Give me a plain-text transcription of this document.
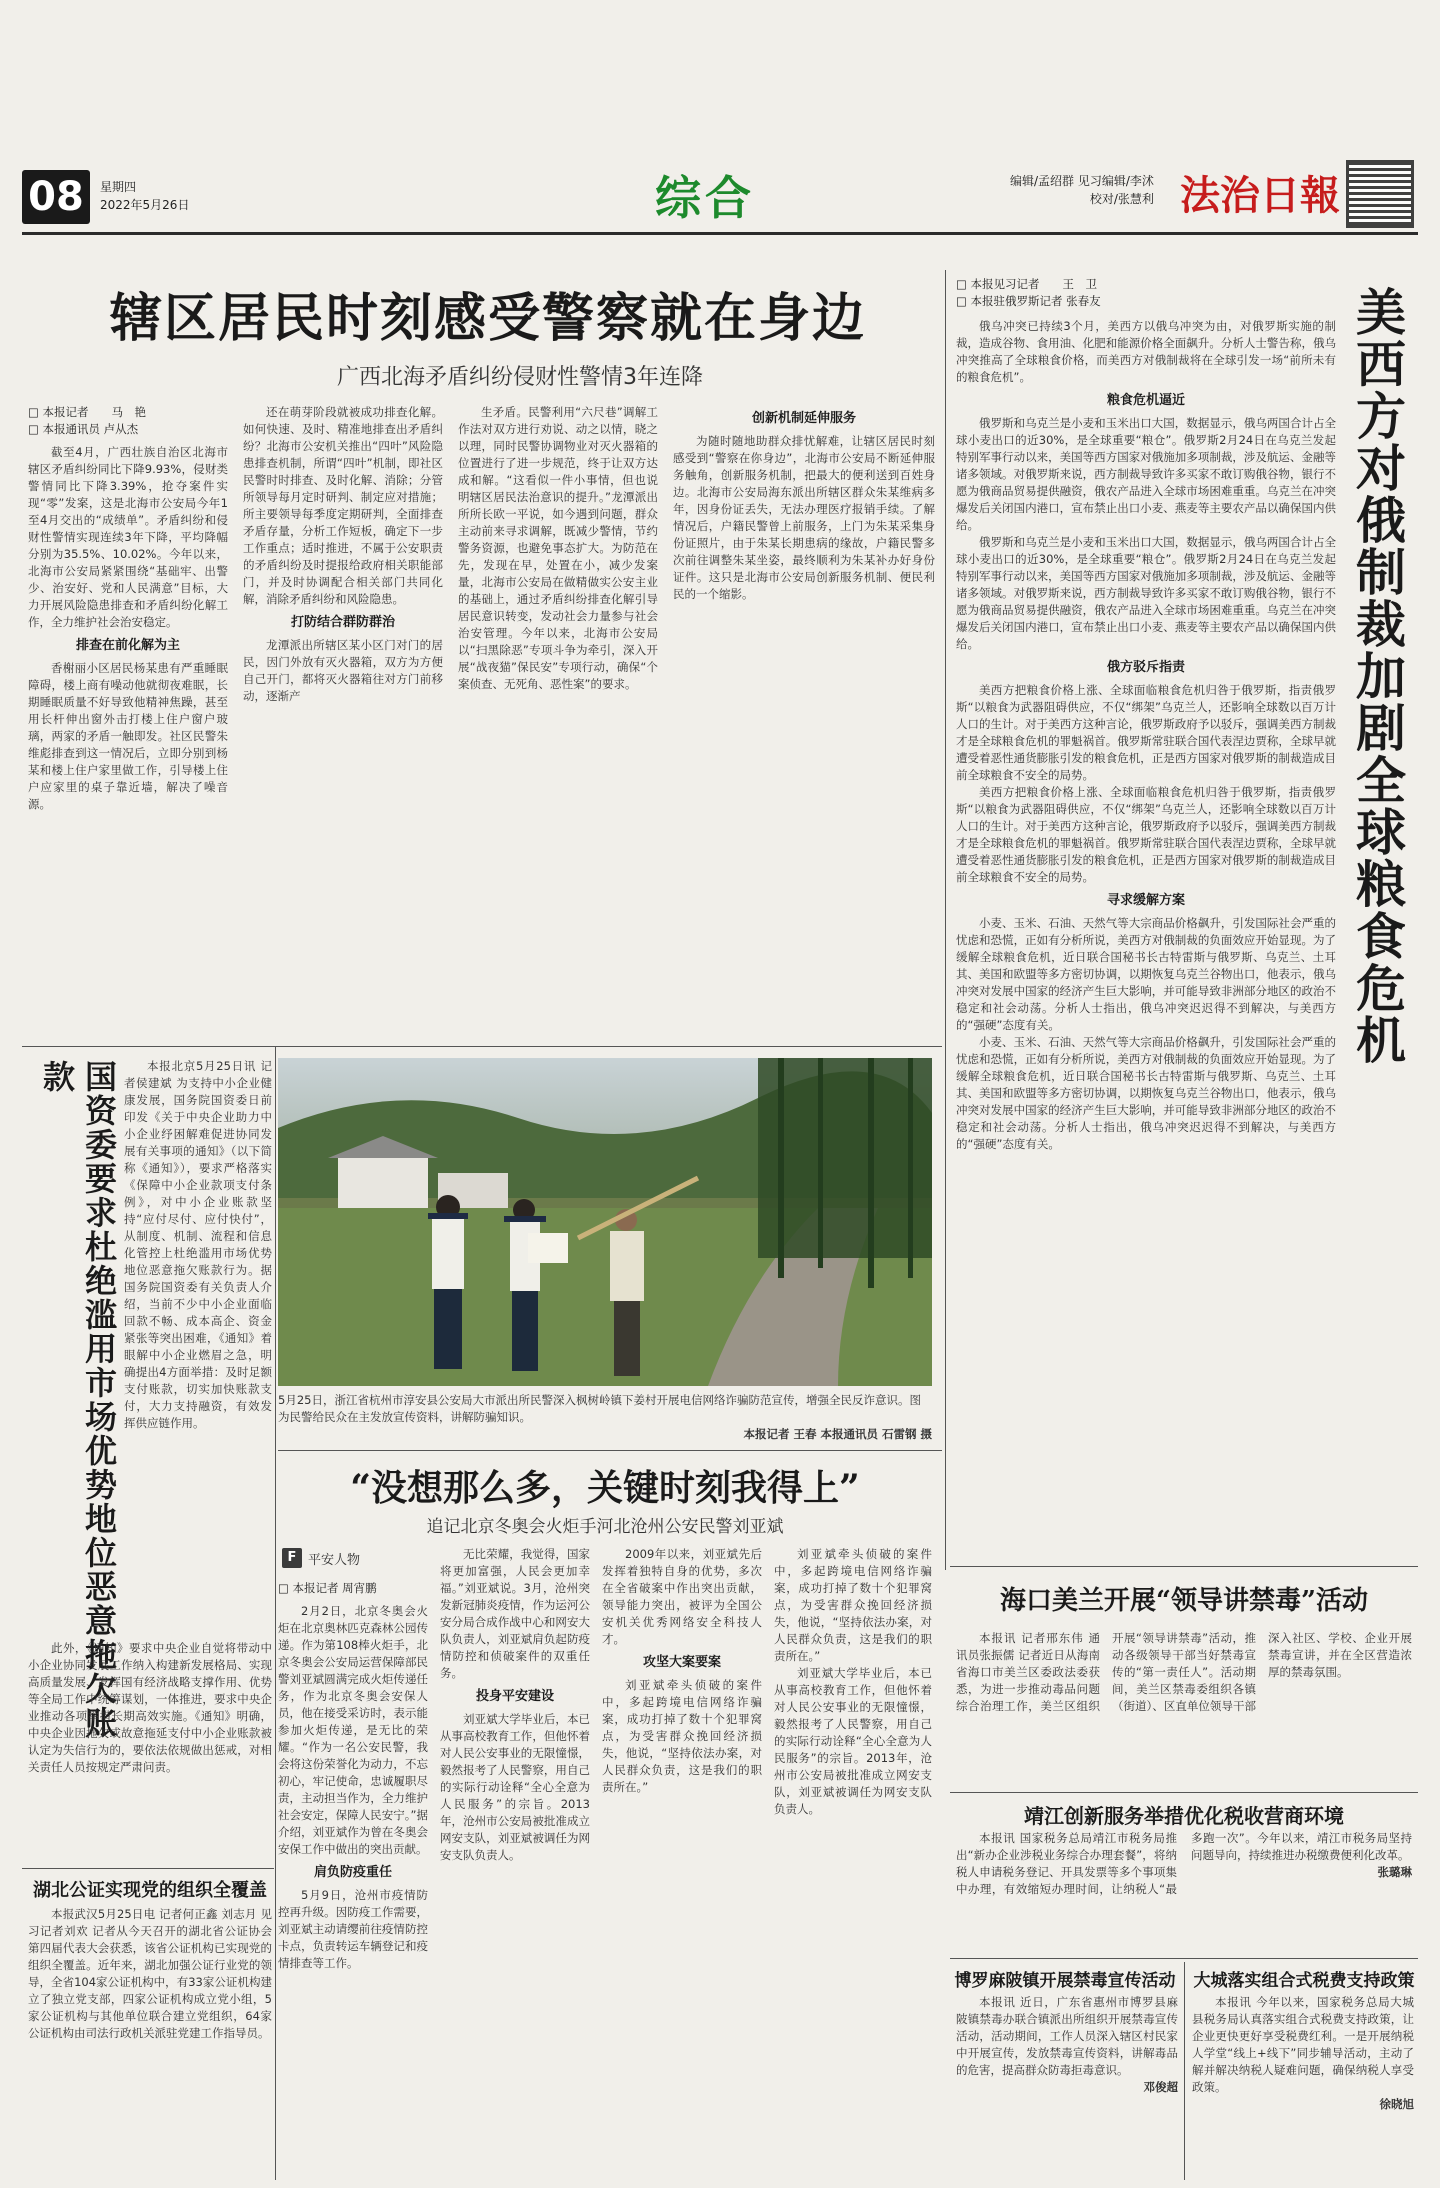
08	星期四
2022年5月26日	综合	编辑/孟绍群 见习编辑/李沭
校对/张慧利 法治日報
辖区居民时刻感受警察就在身边
广西北海矛盾纠纷侵财性警情3年连降
□ 本报记者　　马　艳
□ 本报通讯员 卢从杰

截至4月，广西壮族自治区北海市辖区矛盾纠纷同比下降9.93%，侵财类警情同比下降3.39%，抢夺案件实现“零”发案，这是北海市公安局今年1至4月交出的“成绩单”。矛盾纠纷和侵财性警情实现连续3年下降，平均降幅分别为35.5%、10.02%。今年以来，北海市公安局紧紧围绕“基础牢、出警少、治安好、党和人民满意”目标，大力开展风险隐患排查和矛盾纠纷化解工作，全力维护社会治安稳定。

排查在前化解为主

香榭丽小区居民杨某患有严重睡眠障碍，楼上商有噪动他就彻夜难眠，长期睡眠质量不好导致他精神焦躁，甚至用长杆伸出窗外击打楼上住户窗户玻璃，两家的矛盾一触即发。社区民警朱维彪排查到这一情况后，立即分别到杨某和楼上住户家里做工作，引导楼上住户应家里的桌子靠近墙，解决了噪音源。

还在萌芽阶段就被成功排查化解。如何快速、及时、精准地排查出矛盾纠纷？北海市公安机关推出“四叶”风险隐患排查机制，所谓“四叶”机制，即社区民警时时排查、及时化解、消除；分管所领导每月定时研判、制定应对措施；所主要领导每季度定期研判，全面排查矛盾存量，分析工作短板，确定下一步工作重点；适时推进，不属于公安职责的矛盾纠纷及时提报给政府相关职能部门，并及时协调配合相关部门共同化解，消除矛盾纠纷和风险隐患。

打防结合群防群治

龙潭派出所辖区某小区门对门的居民，因门外放有灭火器箱，双方为方便自己开门，都将灭火器箱往对方门前移动，逐渐产

生矛盾。民警利用“六尺巷”调解工作法对双方进行劝说、动之以情，晓之以理，同时民警协调物业对灭火器箱的位置进行了进一步规范，终于让双方达成和解。“这看似一件小事情，但也说明辖区居民法治意识的提升。”龙潭派出所所长欧一平说，如今遇到问题，群众主动前来寻求调解，既减少警情，节约警务资源，也避免事态扩大。为防范在先，发现在早，处置在小，减少发案量，北海市公安局在做精做实公安主业的基础上，通过矛盾纠纷排查化解引导居民意识转变，发动社会力量参与社会治安管理。今年以来，北海市公安局以“扫黑除恶”专项斗争为牵引，深入开展“战夜猫”保民安”专项行动，确保“个案侦查、无死角、恶性案”的要求。

创新机制延伸服务

为随时随地助群众排忧解难，让辖区居民时刻感受到“警察在你身边”，北海市公安局不断延伸服务触角，创新服务机制，把最大的便利送到百姓身边。北海市公安局海东派出所辖区群众朱某维病多年，因身份证丢失，无法办理医疗报销手续。了解情况后，户籍民警曾上前服务，上门为朱某采集身份证照片，由于朱某长期患病的缘故，户籍民警多次前往调整朱某坐姿，最终顺利为朱某补办好身份证件。这只是北海市公安局创新服务机制、便民利民的一个缩影。

□ 本报见习记者　　王　卫
□ 本报驻俄罗斯记者 张春友	美西方对俄制裁加剧全球粮食危机

俄乌冲突已持续3个月，美西方以俄乌冲突为由，对俄罗斯实施的制裁，造成谷物、食用油、化肥和能源价格全面飙升。分析人士警告称，俄乌冲突推高了全球粮食价格，而美西方对俄制裁将在全球引发一场“前所未有的粮食危机”。

粮食危机逼近

俄罗斯和乌克兰是小麦和玉米出口大国，数据显示，俄乌两国合计占全球小麦出口的近30%，是全球重要“粮仓”。俄罗斯2月24日在乌克兰发起特别军事行动以来，美国等西方国家对俄施加多项制裁，涉及航运、金融等诸多领域。对俄罗斯来说，西方制裁导致许多买家不敢订购俄谷物，银行不愿为俄商品贸易提供融资，俄农产品进入全球市场困难重重。乌克兰在冲突爆发后关闭国内港口，宣布禁止出口小麦、燕麦等主要农产品以确保国内供给。

俄罗斯和乌克兰是小麦和玉米出口大国，数据显示，俄乌两国合计占全球小麦出口的近30%，是全球重要“粮仓”。俄罗斯2月24日在乌克兰发起特别军事行动以来，美国等西方国家对俄施加多项制裁，涉及航运、金融等诸多领域。对俄罗斯来说，西方制裁导致许多买家不敢订购俄谷物，银行不愿为俄商品贸易提供融资，俄农产品进入全球市场困难重重。乌克兰在冲突爆发后关闭国内港口，宣布禁止出口小麦、燕麦等主要农产品以确保国内供给。

俄方驳斥指责

美西方把粮食价格上涨、全球面临粮食危机归咎于俄罗斯，指责俄罗斯“以粮食为武器阻碍供应，不仅“绑架”乌克兰人，还影响全球数以百万计人口的生计。对于美西方这种言论，俄罗斯政府予以驳斥，强调美西方制裁才是全球粮食危机的罪魁祸首。俄罗斯常驻联合国代表涅边贾称，全球早就遭受着恶性通货膨胀引发的粮食危机，正是西方国家对俄罗斯的制裁造成目前全球粮食不安全的局势。

美西方把粮食价格上涨、全球面临粮食危机归咎于俄罗斯，指责俄罗斯“以粮食为武器阻碍供应，不仅“绑架”乌克兰人，还影响全球数以百万计人口的生计。对于美西方这种言论，俄罗斯政府予以驳斥，强调美西方制裁才是全球粮食危机的罪魁祸首。俄罗斯常驻联合国代表涅边贾称，全球早就遭受着恶性通货膨胀引发的粮食危机，正是西方国家对俄罗斯的制裁造成目前全球粮食不安全的局势。

寻求缓解方案

小麦、玉米、石油、天然气等大宗商品价格飙升，引发国际社会严重的忧虑和恐慌，正如有分析所说，美西方对俄制裁的负面效应开始显现。为了缓解全球粮食危机，近日联合国秘书长古特雷斯与俄罗斯、乌克兰、土耳其、美国和欧盟等多方密切协调，以期恢复乌克兰谷物出口，他表示，俄乌冲突对发展中国家的经济产生巨大影响，并可能导致非洲部分地区的政治不稳定和社会动荡。分析人士指出，俄乌冲突迟迟得不到解决，与美西方的“强硬”态度有关。

小麦、玉米、石油、天然气等大宗商品价格飙升，引发国际社会严重的忧虑和恐慌，正如有分析所说，美西方对俄制裁的负面效应开始显现。为了缓解全球粮食危机，近日联合国秘书长古特雷斯与俄罗斯、乌克兰、土耳其、美国和欧盟等多方密切协调，以期恢复乌克兰谷物出口，他表示，俄乌冲突对发展中国家的经济产生巨大影响，并可能导致非洲部分地区的政治不稳定和社会动荡。分析人士指出，俄乌冲突迟迟得不到解决，与美西方的“强硬”态度有关。

国资委要求杜绝滥用市场优势地位恶意拖欠账款	本报北京5月25日讯 记者侯建斌 为支持中小企业健康发展，国务院国资委日前印发《关于中央企业助力中小企业纾困解难促进协同发展有关事项的通知》（以下简称《通知》），要求严格落实《保障中小企业款项支付条例》，对中小企业账款坚持“应付尽付、应付快付”，从制度、机制、流程和信息化管控上杜绝滥用市场优势地位恶意拖欠账款行为。据国务院国资委有关负责人介绍，当前不少中小企业面临回款不畅、成本高企、资金紧张等突出困难，《通知》着眼解中小企业燃眉之急，明确提出4方面举措：及时足额支付账款，切实加快账款支付，大力支持融资，有效发挥供应链作用。

此外，《通知》要求中央企业自觉将带动中小企业协同发展工作纳入构建新发展格局、实现高质量发展、发挥国有经济战略支撑作用、优势等全局工作中统筹谋划，一体推进，要求中央企业推动各项举措长期高效实施。《通知》明确，中央企业因拖欠或故意拖延支付中小企业账款被认定为失信行为的，要依法依规做出惩戒，对相关责任人员按规定严肃问责。

5月25日，浙江省杭州市淳安县公安局大市派出所民警深入枫树岭镇下姜村开展电信网络诈骗防范宣传，增强全民反诈意识。图为民警给民众在主发放宣传资料，讲解防骗知识。
本报记者 王春 本报通讯员 石雷钢 摄
“没想那么多，关键时刻我得上”
追记北京冬奥会火炬手河北沧州公安民警刘亚斌
F 平安人物
□ 本报记者 周宵鹏

2月2日，北京冬奥会火炬在北京奥林匹克森林公园传递。作为第108棒火炬手，北京冬奥会公安局运营保障部民警刘亚斌圆满完成火炬传递任务，作为北京冬奥会安保人员，他在接受采访时，表示能参加火炬传递，是无比的荣耀。“作为一名公安民警，我会将这份荣誉化为动力，不忘初心，牢记使命，忠诚履职尽责，主动担当作为，全力维护社会安定，保障人民安宁。”据介绍，刘亚斌作为曾在冬奥会安保工作中做出的突出贡献。

肩负防疫重任

5月9日，沧州市疫情防控再升级。因防疫工作需要，刘亚斌主动请缨前往疫情防控卡点，负责转运车辆登记和疫情排查等工作。

无比荣耀，我觉得，国家将更加富强，人民会更加幸福。”刘亚斌说。3月，沧州突发新冠肺炎疫情，作为运河公安分局合成作战中心和网安大队负责人，刘亚斌肩负起防疫情防控和侦破案件的双重任务。

投身平安建设

刘亚斌大学毕业后，本已从事高校教育工作，但他怀着对人民公安事业的无限憧憬，毅然报考了人民警察，用自己的实际行动诠释“全心全意为人民服务”的宗旨。2013年，沧州市公安局被批准成立网安支队，刘亚斌被调任为网安支队负责人。

2009年以来，刘亚斌先后发挥着独特自身的优势，多次在全省破案中作出突出贡献，领导能力突出，被评为全国公安机关优秀网络安全科技人才。

攻坚大案要案

刘亚斌牵头侦破的案件中，多起跨境电信网络诈骗案，成功打掉了数十个犯罪窝点，为受害群众挽回经济损失，他说，“坚持依法办案，对人民群众负责，这是我们的职责所在。”

刘亚斌牵头侦破的案件中，多起跨境电信网络诈骗案，成功打掉了数十个犯罪窝点，为受害群众挽回经济损失，他说，“坚持依法办案，对人民群众负责，这是我们的职责所在。”

刘亚斌大学毕业后，本已从事高校教育工作，但他怀着对人民公安事业的无限憧憬，毅然报考了人民警察，用自己的实际行动诠释“全心全意为人民服务”的宗旨。2013年，沧州市公安局被批准成立网安支队，刘亚斌被调任为网安支队负责人。

湖北公证实现党的组织全覆盖

本报武汉5月25日电 记者何正鑫 刘志月 见习记者刘欢 记者从今天召开的湖北省公证协会第四届代表大会获悉，该省公证机构已实现党的组织全覆盖。近年来，湖北加强公证行业党的领导，全省104家公证机构中，有33家公证机构建立了独立党支部，四家公证机构成立党小组，5家公证机构与其他单位联合建立党组织，64家公证机构由司法行政机关派驻党建工作指导员。

海口美兰开展“领导讲禁毒”活动

本报讯 记者邢东伟 通讯员张振儒 记者近日从海南省海口市美兰区委政法委获悉，为进一步推动毒品问题综合治理工作，美兰区组织开展“领导讲禁毒”活动，推动各级领导干部当好禁毒宣传的“第一责任人”。活动期间，美兰区禁毒委组织各镇（街道）、区直单位领导干部深入社区、学校、企业开展禁毒宣讲，并在全区营造浓厚的禁毒氛围。

靖江创新服务举措优化税收营商环境

本报讯 国家税务总局靖江市税务局推出“新办企业涉税业务综合办理套餐”，将纳税人申请税务登记、开具发票等多个事项集中办理，有效缩短办理时间，让纳税人“最多跑一次”。今年以来，靖江市税务局坚持问题导向，持续推进办税缴费便利化改革。

张璐琳
博罗麻陂镇开展禁毒宣传活动

本报讯 近日，广东省惠州市博罗县麻陂镇禁毒办联合镇派出所组织开展禁毒宣传活动，活动期间，工作人员深入辖区村民家中开展宣传，发放禁毒宣传资料，讲解毒品的危害，提高群众防毒拒毒意识。

邓俊超
大城落实组合式税费支持政策

本报讯 今年以来，国家税务总局大城县税务局认真落实组合式税费支持政策，让企业更快更好享受税费红利。一是开展纳税人学堂“线上+线下”同步辅导活动，主动了解并解决纳税人疑难问题，确保纳税人享受政策。

徐晓旭
